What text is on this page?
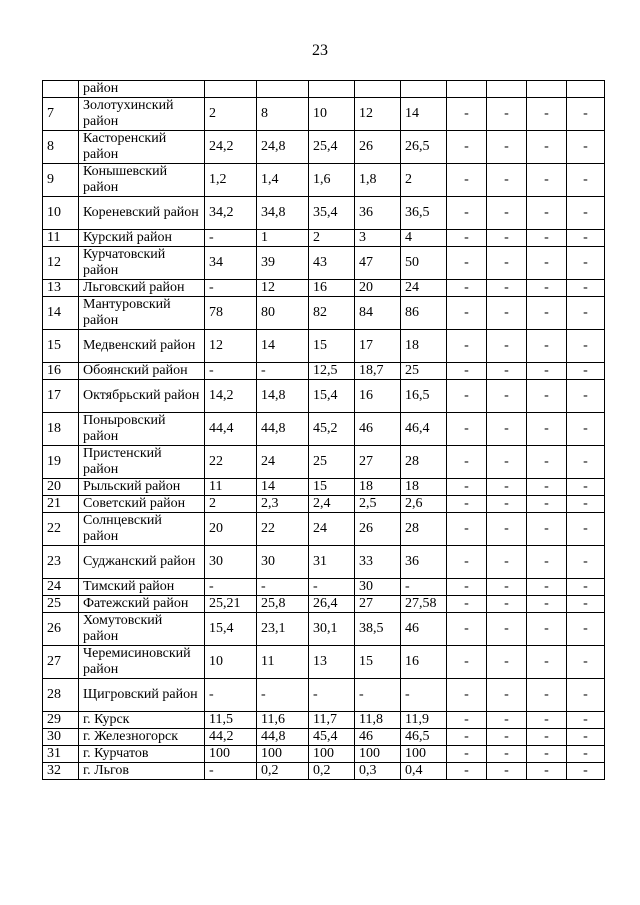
23
	район									
7	Золотухинский район	2	8	10	12	14	-	-	-	-
8	Касторенский район	24,2	24,8	25,4	26	26,5	-	-	-	-
9	Конышевский район	1,2	1,4	1,6	1,8	2	-	-	-	-
10	Кореневский район	34,2	34,8	35,4	36	36,5	-	-	-	-
11	Курский район	-	1	2	3	4	-	-	-	-
12	Курчатовский район	34	39	43	47	50	-	-	-	-
13	Льговский район	-	12	16	20	24	-	-	-	-
14	Мантуровский район	78	80	82	84	86	-	-	-	-
15	Медвенский район	12	14	15	17	18	-	-	-	-
16	Обоянский район	-	-	12,5	18,7	25	-	-	-	-
17	Октябрьский район	14,2	14,8	15,4	16	16,5	-	-	-	-
18	Поныровский район	44,4	44,8	45,2	46	46,4	-	-	-	-
19	Пристенский район	22	24	25	27	28	-	-	-	-
20	Рыльский район	11	14	15	18	18	-	-	-	-
21	Советский район	2	2,3	2,4	2,5	2,6	-	-	-	-
22	Солнцевский район	20	22	24	26	28	-	-	-	-
23	Суджанский район	30	30	31	33	36	-	-	-	-
24	Тимский район	-	-	-	30	-	-	-	-	-
25	Фатежский район	25,21	25,8	26,4	27	27,58	-	-	-	-
26	Хомутовский район	15,4	23,1	30,1	38,5	46	-	-	-	-
27	Черемисиновский район	10	11	13	15	16	-	-	-	-
28	Щигровский район	-	-	-	-	-	-	-	-	-
29	г. Курск	11,5	11,6	11,7	11,8	11,9	-	-	-	-
30	г. Железногорск	44,2	44,8	45,4	46	46,5	-	-	-	-
31	г. Курчатов	100	100	100	100	100	-	-	-	-
32	г. Льгов	-	0,2	0,2	0,3	0,4	-	-	-	-
